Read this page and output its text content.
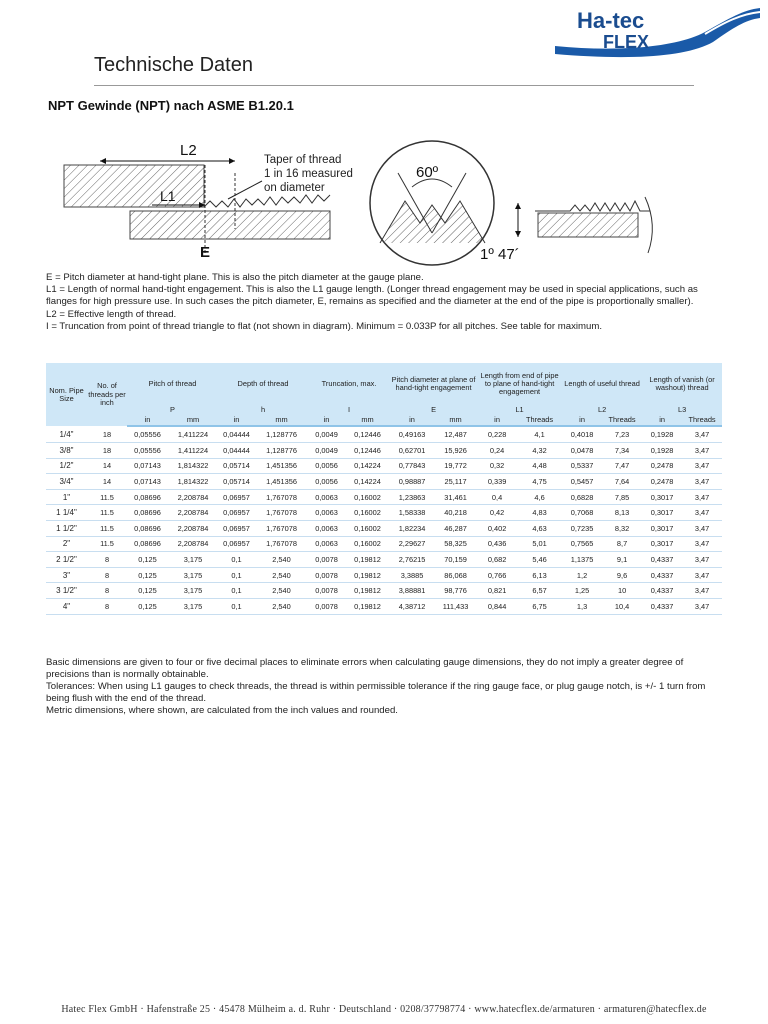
Ha-tec
FLEX
Technische Daten
NPT Gewinde (NPT) nach ASME B1.20.1
L2
L1
E
Taper of thread
1 in 16 measured
on diameter
60º
1º 47´

E = Pitch diameter at hand-tight plane. This is also the pitch diameter at the gauge plane.

L1 = Length of normal hand-tight engagement. This is also the L1 gauge length. (Longer thread engagement may be used in special applications, such as flanges for high pressure use. In such cases the pitch diameter, E, remains as specified and the diameter at the end of the pipe is proportionally smaller).

L2 = Effective length of thread.

I = Truncation from point of thread triangle to flat (not shown in diagram). Minimum = 0.033P for all pitches. See table for maximum.

Nom. Pipe Size	No. of threads per inch	Pitch of thread		Depth of thread		Truncation, max.		Pitch diameter at plane of hand-tight engagement		Length from end of pipe to plane of hand-tight engagement		Length of useful thread		Length of vanish (or washout) thread	
		P		h		I		E		L1		L2		L3	
		in	mm	in	mm	in	mm	in	mm	in	Threads	in	Threads	in	Threads
1/4"	18	0,05556	1,411224	0,04444	1,128776	0,0049	0,12446	0,49163	12,487	0,228	4,1	0,4018	7,23	0,1928	3,47
3/8"	18	0,05556	1,411224	0,04444	1,128776	0,0049	0,12446	0,62701	15,926	0,24	4,32	0,0478	7,34	0,1928	3,47
1/2"	14	0,07143	1,814322	0,05714	1,451356	0,0056	0,14224	0,77843	19,772	0,32	4,48	0,5337	7,47	0,2478	3,47
3/4"	14	0,07143	1,814322	0,05714	1,451356	0,0056	0,14224	0,98887	25,117	0,339	4,75	0,5457	7,64	0,2478	3,47
1"	11.5	0,08696	2,208784	0,06957	1,767078	0,0063	0,16002	1,23863	31,461	0,4	4,6	0,6828	7,85	0,3017	3,47
1 1/4"	11.5	0,08696	2,208784	0,06957	1,767078	0,0063	0,16002	1,58338	40,218	0,42	4,83	0,7068	8,13	0,3017	3,47
1 1/2"	11.5	0,08696	2,208784	0,06957	1,767078	0,0063	0,16002	1,82234	46,287	0,402	4,63	0,7235	8,32	0,3017	3,47
2"	11.5	0,08696	2,208784	0,06957	1,767078	0,0063	0,16002	2,29627	58,325	0,436	5,01	0,7565	8,7	0,3017	3,47
2 1/2"	8	0,125	3,175	0,1	2,540	0,0078	0,19812	2,76215	70,159	0,682	5,46	1,1375	9,1	0,4337	3,47
3"	8	0,125	3,175	0,1	2,540	0,0078	0,19812	3,3885	86,068	0,766	6,13	1,2	9,6	0,4337	3,47
3 1/2"	8	0,125	3,175	0,1	2,540	0,0078	0,19812	3,88881	98,776	0,821	6,57	1,25	10	0,4337	3,47
4"	8	0,125	3,175	0,1	2,540	0,0078	0,19812	4,38712	111,433	0,844	6,75	1,3	10,4	0,4337	3,47

Basic dimensions are given to four or five decimal places to eliminate errors when calculating gauge dimensions, they do not imply a greater degree of precisions than is normally obtainable.

Tolerances: When using L1 gauges to check threads, the thread is within permissible tolerance if the ring gauge face, or plug gauge notch, is +/- 1 turn from being flush with the end of the thread.

Metric dimensions, where shown, are calculated from the inch values and rounded.

Hatec Flex GmbH · Hafenstraße 25 · 45478 Mülheim a. d. Ruhr · Deutschland · 0208/37798774 · www.hatecflex.de/armaturen · armaturen@hatecflex.de
